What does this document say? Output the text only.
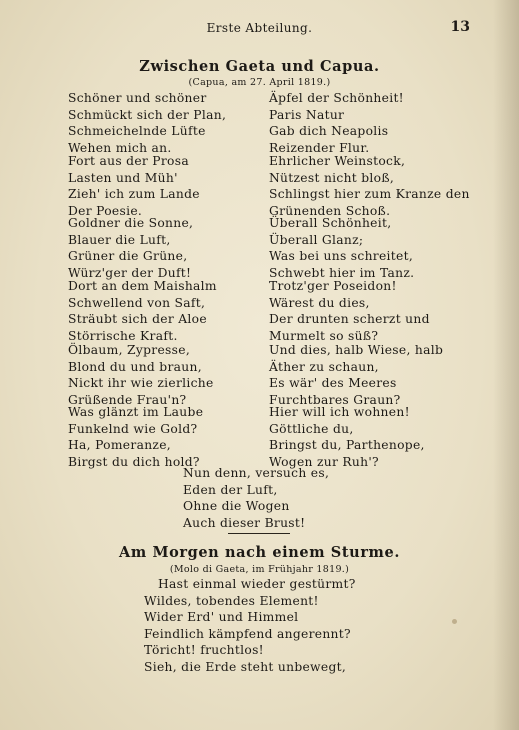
Erste Abteilung.	13
Zwischen Gaeta und Capua.
(Capua, am 27. April 1819.)
Schöner und schöner
Schmückt sich der Plan,
Schmeichelnde Lüfte
Wehen mich an.
Fort aus der Prosa
Lasten und Müh'
Zieh' ich zum Lande
Der Poesie.
Goldner die Sonne,
Blauer die Luft,
Grüner die Grüne,
Würz'ger der Duft!
Dort an dem Maishalm
Schwellend von Saft,
Sträubt sich der Aloe
Störrische Kraft.
Ölbaum, Zypresse,
Blond du und braun,
Nickt ihr wie zierliche
Grüßende Frau'n?
Was glänzt im Laube
Funkelnd wie Gold?
Ha, Pomeranze,
Birgst du dich hold?
Äpfel der Schönheit!
Paris Natur
Gab dich Neapolis
Reizender Flur.
Ehrlicher Weinstock,
Nützest nicht bloß,
Schlingst hier zum Kranze den
Grünenden Schoß.
Überall Schönheit,
Überall Glanz;
Was bei uns schreitet,
Schwebt hier im Tanz.
Trotz'ger Poseidon!
Wärest du dies,
Der drunten scherzt und
Murmelt so süß?
Und dies, halb Wiese, halb
Äther zu schaun,
Es wär' des Meeres
Furchtbares Graun?
Hier will ich wohnen!
Göttliche du,
Bringst du, Parthenope,
Wogen zur Ruh'?
Nun denn, versuch es,
Eden der Luft,
Ohne die Wogen
Auch dieser Brust!
Am Morgen nach einem Sturme.
(Molo di Gaeta, im Frühjahr 1819.)
Hast einmal wieder gestürmt?
Wildes, tobendes Element!
Wider Erd' und Himmel
Feindlich kämpfend angerennt?
Töricht! fruchtlos!
Sieh, die Erde steht unbewegt,
